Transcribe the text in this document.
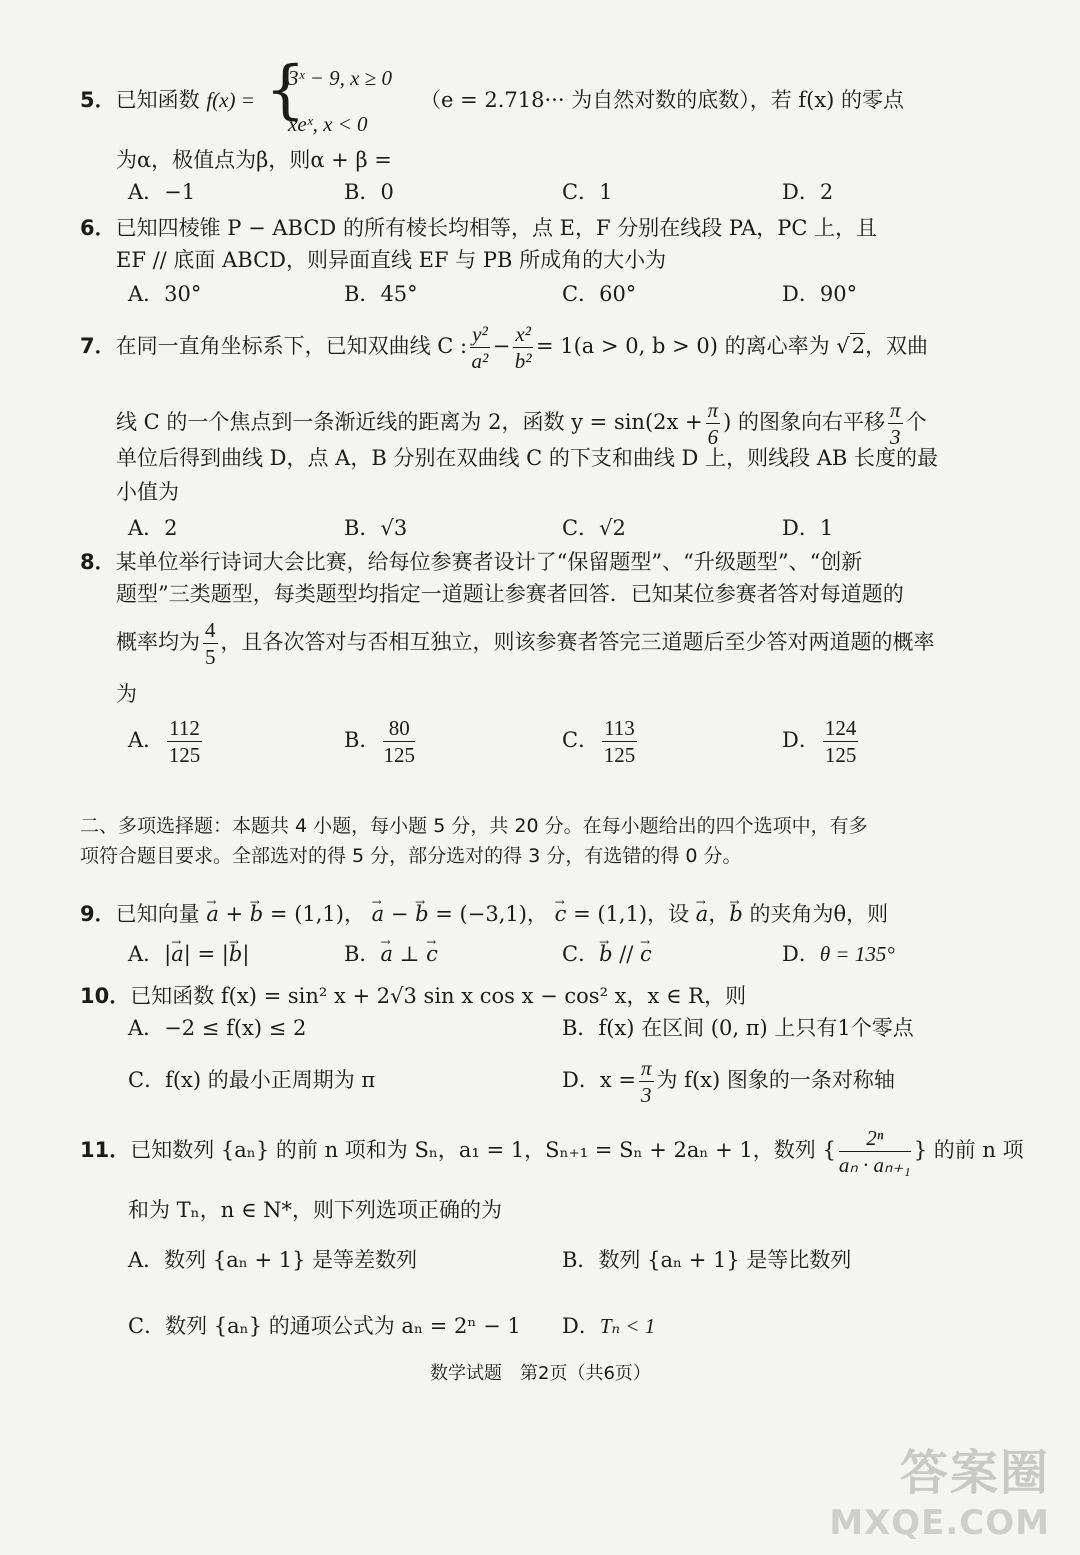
5．已知函数 f(x) = {
3ˣ − 9, x ≥ 0
xeˣ, x < 0
（e = 2.718··· 为自然对数的底数），若 f(x) 的零点
为α，极值点为β，则α + β =
A．−1	B．0	C．1	D．2
6．已知四棱锥 P − ABCD 的所有棱长均相等，点 E，F 分别在线段 PA，PC 上，且
EF // 底面 ABCD，则异面直线 EF 与 PB 所成角的大小为
A．30°	B．45°	C．60°	D．90°
7．在同一直角坐标系下，已知双曲线 C : $\frac{\text{y²}}{\text{a²}} - \frac{\text{x²}}{\text{b²}} = 1(a > 0$, b > 0) 的离心率为 √2，双曲
线 C 的一个焦点到一条渐近线的距离为 2，函数 $y = \sin(2x + \frac{\pi}{6}$ ) 的图象向右平移 $\frac{\pi}{3}$ 个
单位后得到曲线 D，点 A，B 分别在双曲线 C 的下支和曲线 D 上，则线段 AB 长度的最
小值为
A．2	B．√3	C．√2	D．1
8．某单位举行诗词大会比赛，给每位参赛者设计了“保留题型”、“升级题型”、“创新
题型”三类题型，每类题型均指定一道题让参赛者回答．已知某位参赛者答对每道题的
概率均为 $\frac{4}{5}$ ，且各次答对与否相互独立，则该参赛者答完三道题后至少答对两道题的概率
为
A． $\frac{112}{125}$	B． $\frac{80}{125}$	C． $\frac{113}{125}$	D． $\frac{124}{125}$
二、多项选择题：本题共 4 小题，每小题 5 分，共 20 分。在每小题给出的四个选项中，有多
项符合题目要求。全部选对的得 5 分，部分选对的得 3 分，有选错的得 0 分。
9．已知向量 → a + → b = (1,1)， → a − → b = (−3,1)， → c = (1,1)，设 → a，→ b 的夹角为θ，则
A．|→ a| = |→ b|	B．→ a ⊥ → c	C．→ b // → c	D．θ = 135°
10．已知函数 f(x) = sin² x + 2√3 sin x cos x − cos² x，x ∈ R，则
A．−2 ≤ f(x) ≤ 2	B．f(x) 在区间 (0, π) 上只有1个零点
C．f(x) 的最小正周期为 π	D．$x = \frac{\pi}{3}$ 为 f(x) 图象的一条对称轴
11．已知数列 {aₙ} 的前 n 项和为 Sₙ，a₁ = 1，Sₙ₊₁ = Sₙ + 2aₙ + 1，数列 { $\frac{\text{2ⁿ}}{\text{aₙ · aₙ₊₁}}$ } 的前 n 项
和为 Tₙ，n ∈ N*，则下列选项正确的为
A．数列 {aₙ + 1} 是等差数列	B．数列 {aₙ + 1} 是等比数列
C．数列 {aₙ} 的通项公式为 aₙ = 2ⁿ − 1 D．Tₙ < 1
数学试题　第2页（共6页）
答案圈
MXQE.COM
